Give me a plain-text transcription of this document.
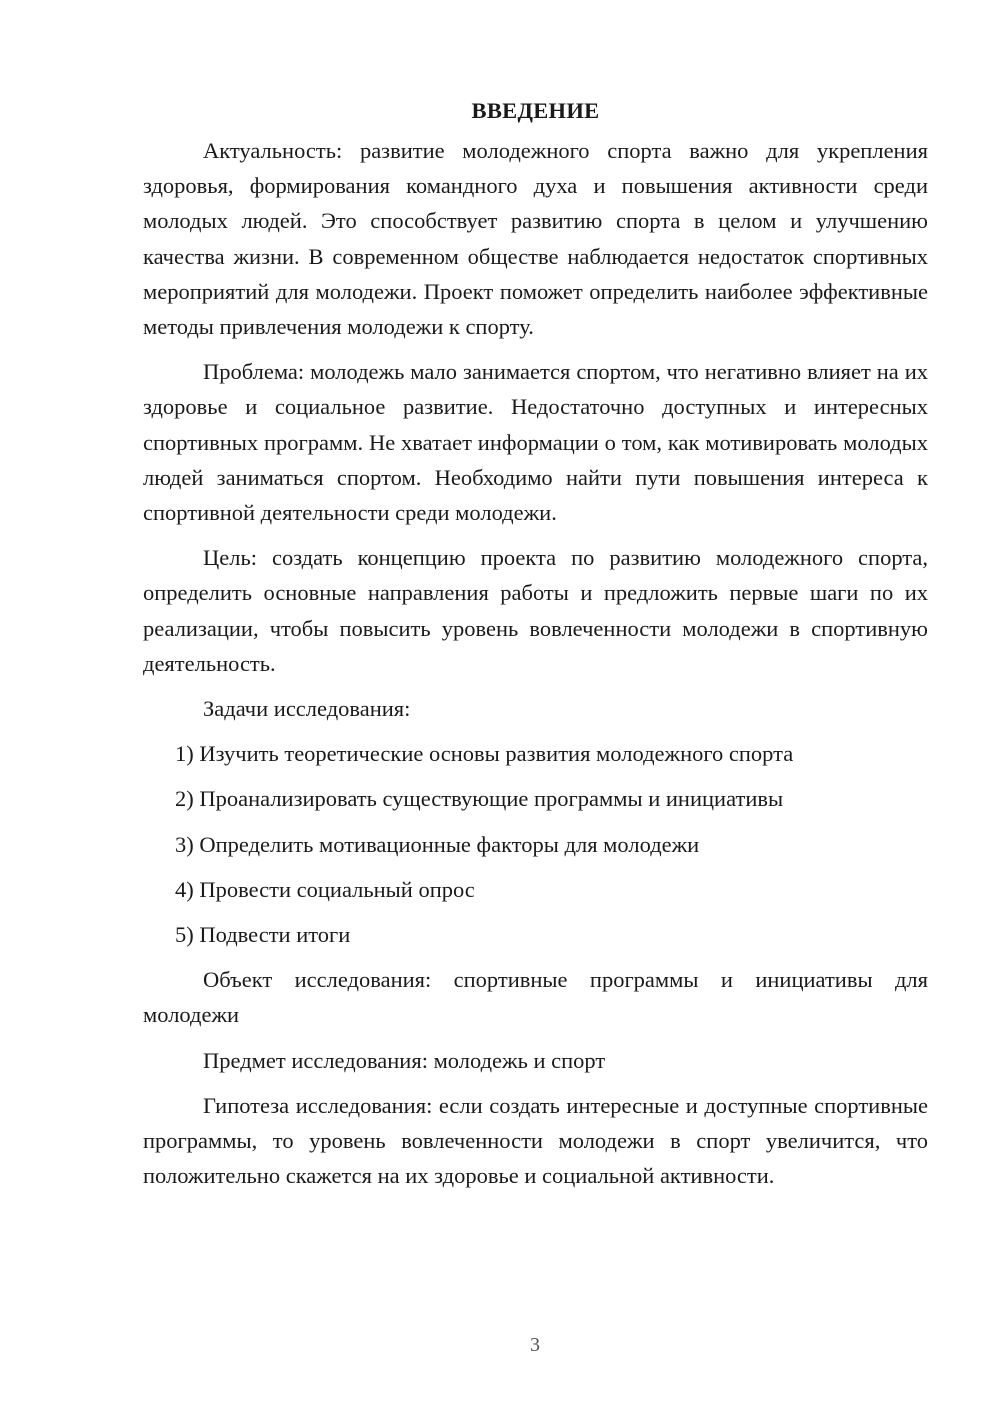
ВВЕДЕНИЕ

Актуальность: развитие молодежного спорта важно для укрепления здоровья, формирования командного духа и повышения активности среди молодых людей. Это способствует развитию спорта в целом и улучшению качества жизни. В современном обществе наблюдается недостаток спортивных мероприятий для молодежи. Проект поможет определить наиболее эффективные методы привлечения молодежи к спорту.

Проблема: молодежь мало занимается спортом, что негативно влияет на их здоровье и социальное развитие. Недостаточно доступных и интересных спортивных программ. Не хватает информации о том, как мотивировать молодых людей заниматься спортом. Необходимо найти пути повышения интереса к спортивной деятельности среди молодежи.

Цель: создать концепцию проекта по развитию молодежного спорта, определить основные направления работы и предложить первые шаги по их реализации, чтобы повысить уровень вовлеченности молодежи в спортивную деятельность.

Задачи исследования:

1) Изучить теоретические основы развития молодежного спорта
2) Проанализировать существующие программы и инициативы
3) Определить мотивационные факторы для молодежи
4) Провести социальный опрос
5) Подвести итоги

Объект исследования: спортивные программы и инициативы для молодежи

Предмет исследования: молодежь и спорт

Гипотеза исследования: если создать интересные и доступные спортивные программы, то уровень вовлеченности молодежи в спорт увеличится, что положительно скажется на их здоровье и социальной активности.

3
